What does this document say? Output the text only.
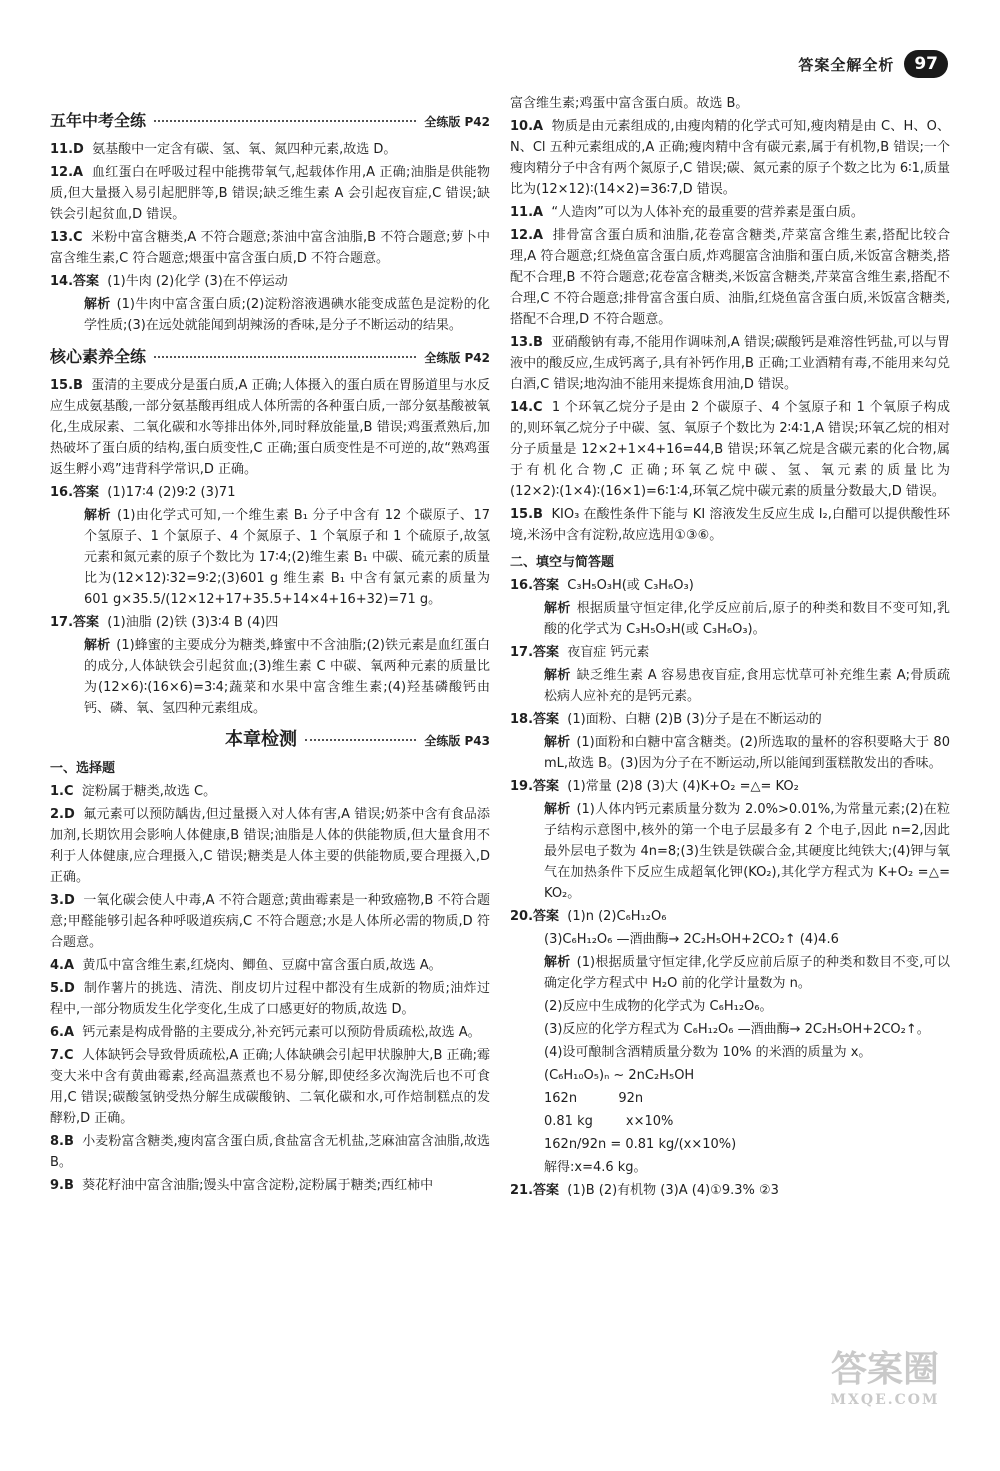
答案全解全析	97
五年中考全练	全练版 P42
11.D 氨基酸中一定含有碳、氢、氧、氮四种元素,故选 D。
12.A 血红蛋白在呼吸过程中能携带氧气,起载体作用,A 正确;油脂是供能物质,但大量摄入易引起肥胖等,B 错误;缺乏维生素 A 会引起夜盲症,C 错误;缺铁会引起贫血,D 错误。
13.C 米粉中富含糖类,A 不符合题意;茶油中富含油脂,B 不符合题意;萝卜中富含维生素,C 符合题意;煨蛋中富含蛋白质,D 不符合题意。
14.答案 (1)牛肉 (2)化学 (3)在不停运动
解析 (1)牛肉中富含蛋白质;(2)淀粉溶液遇碘水能变成蓝色是淀粉的化学性质;(3)在远处就能闻到胡辣汤的香味,是分子不断运动的结果。
核心素养全练	全练版 P42
15.B 蛋清的主要成分是蛋白质,A 正确;人体摄入的蛋白质在胃肠道里与水反应生成氨基酸,一部分氨基酸再组成人体所需的各种蛋白质,一部分氨基酸被氧化,生成尿素、二氧化碳和水等排出体外,同时释放能量,B 错误;鸡蛋煮熟后,加热破坏了蛋白质的结构,蛋白质变性,C 正确;蛋白质变性是不可逆的,故“熟鸡蛋返生孵小鸡”违背科学常识,D 正确。
16.答案 (1)17∶4 (2)9∶2 (3)71
解析 (1)由化学式可知,一个维生素 B₁ 分子中含有 12 个碳原子、17 个氢原子、1 个氯原子、4 个氮原子、1 个氧原子和 1 个硫原子,故氢元素和氮元素的原子个数比为 17∶4;(2)维生素 B₁ 中碳、硫元素的质量比为(12×12)∶32=9∶2;(3)601 g 维生素 B₁ 中含有氯元素的质量为 601 g×35.5/(12×12+17+35.5+14×4+16+32)=71 g。
17.答案 (1)油脂 (2)铁 (3)3∶4 B (4)四
解析 (1)蜂蜜的主要成分为糖类,蜂蜜中不含油脂;(2)铁元素是血红蛋白的成分,人体缺铁会引起贫血;(3)维生素 C 中碳、氧两种元素的质量比为(12×6)∶(16×6)=3∶4;蔬菜和水果中富含维生素;(4)羟基磷酸钙由钙、磷、氧、氢四种元素组成。
本章检测	全练版 P43
一、选择题
1.C 淀粉属于糖类,故选 C。
2.D 氟元素可以预防龋齿,但过量摄入对人体有害,A 错误;奶茶中含有食品添加剂,长期饮用会影响人体健康,B 错误;油脂是人体的供能物质,但大量食用不利于人体健康,应合理摄入,C 错误;糖类是人体主要的供能物质,要合理摄入,D 正确。
3.D 一氧化碳会使人中毒,A 不符合题意;黄曲霉素是一种致癌物,B 不符合题意;甲醛能够引起各种呼吸道疾病,C 不符合题意;水是人体所必需的物质,D 符合题意。
4.A 黄瓜中富含维生素,红烧肉、鲫鱼、豆腐中富含蛋白质,故选 A。
5.D 制作薯片的挑选、清洗、削皮切片过程中都没有生成新的物质;油炸过程中,一部分物质发生化学变化,生成了口感更好的物质,故选 D。
6.A 钙元素是构成骨骼的主要成分,补充钙元素可以预防骨质疏松,故选 A。
7.C 人体缺钙会导致骨质疏松,A 正确;人体缺碘会引起甲状腺肿大,B 正确;霉变大米中含有黄曲霉素,经高温蒸煮也不易分解,即使经多次淘洗后也不可食用,C 错误;碳酸氢钠受热分解生成碳酸钠、二氧化碳和水,可作焙制糕点的发酵粉,D 正确。
8.B 小麦粉富含糖类,瘦肉富含蛋白质,食盐富含无机盐,芝麻油富含油脂,故选 B。
9.B 葵花籽油中富含油脂;馒头中富含淀粉,淀粉属于糖类;西红柿中
富含维生素;鸡蛋中富含蛋白质。故选 B。
10.A 物质是由元素组成的,由瘦肉精的化学式可知,瘦肉精是由 C、H、O、N、Cl 五种元素组成的,A 正确;瘦肉精中含有碳元素,属于有机物,B 错误;一个瘦肉精分子中含有两个氮原子,C 错误;碳、氮元素的原子个数之比为 6∶1,质量比为(12×12)∶(14×2)=36∶7,D 错误。
11.A “人造肉”可以为人体补充的最重要的营养素是蛋白质。
12.A 排骨富含蛋白质和油脂,花卷富含糖类,芹菜富含维生素,搭配比较合理,A 符合题意;红烧鱼富含蛋白质,炸鸡腿富含油脂和蛋白质,米饭富含糖类,搭配不合理,B 不符合题意;花卷富含糖类,米饭富含糖类,芹菜富含维生素,搭配不合理,C 不符合题意;排骨富含蛋白质、油脂,红烧鱼富含蛋白质,米饭富含糖类,搭配不合理,D 不符合题意。
13.B 亚硝酸钠有毒,不能用作调味剂,A 错误;碳酸钙是难溶性钙盐,可以与胃液中的酸反应,生成钙离子,具有补钙作用,B 正确;工业酒精有毒,不能用来勾兑白酒,C 错误;地沟油不能用来提炼食用油,D 错误。
14.C 1 个环氧乙烷分子是由 2 个碳原子、4 个氢原子和 1 个氧原子构成的,则环氧乙烷分子中碳、氢、氧原子个数比为 2∶4∶1,A 错误;环氧乙烷的相对分子质量是 12×2+1×4+16=44,B 错误;环氧乙烷是含碳元素的化合物,属于有机化合物,C 正确;环氧乙烷中碳、氢、氧元素的质量比为(12×2)∶(1×4)∶(16×1)=6∶1∶4,环氧乙烷中碳元素的质量分数最大,D 错误。
15.B KIO₃ 在酸性条件下能与 KI 溶液发生反应生成 I₂,白醋可以提供酸性环境,米汤中含有淀粉,故应选用①③⑥。
二、填空与简答题
16.答案 C₃H₅O₃H(或 C₃H₆O₃)
解析 根据质量守恒定律,化学反应前后,原子的种类和数目不变可知,乳酸的化学式为 C₃H₅O₃H(或 C₃H₆O₃)。
17.答案 夜盲症 钙元素
解析 缺乏维生素 A 容易患夜盲症,食用忘忧草可补充维生素 A;骨质疏松病人应补充的是钙元素。
18.答案 (1)面粉、白糖 (2)B (3)分子是在不断运动的
解析 (1)面粉和白糖中富含糖类。(2)所选取的量杯的容积要略大于 80 mL,故选 B。(3)因为分子在不断运动,所以能闻到蛋糕散发出的香味。
19.答案 (1)常量 (2)8 (3)大 (4)K+O₂ =△= KO₂
解析 (1)人体内钙元素质量分数为 2.0%>0.01%,为常量元素;(2)在粒子结构示意图中,核外的第一个电子层最多有 2 个电子,因此 n=2,因此最外层电子数为 4n=8;(3)生铁是铁碳合金,其硬度比纯铁大;(4)钾与氧气在加热条件下反应生成超氧化钾(KO₂),其化学方程式为 K+O₂ =△= KO₂。
20.答案 (1)n (2)C₆H₁₂O₆
(3)C₆H₁₂O₆ —酒曲酶→ 2C₂H₅OH+2CO₂↑ (4)4.6
解析 (1)根据质量守恒定律,化学反应前后原子的种类和数目不变,可以确定化学方程式中 H₂O 前的化学计量数为 n。
(2)反应中生成物的化学式为 C₆H₁₂O₆。
(3)反应的化学方程式为 C₆H₁₂O₆ —酒曲酶→ 2C₂H₅OH+2CO₂↑。
(4)设可酿制含酒精质量分数为 10% 的米酒的质量为 x。
(C₆H₁₀O₅)ₙ ~ 2nC₂H₅OH
162n          92n
0.81 kg        x×10%
162n/92n = 0.81 kg/(x×10%)
解得:x=4.6 kg。
21.答案 (1)B (2)有机物 (3)A (4)①9.3% ②3
答案圈
MXQE.COM
